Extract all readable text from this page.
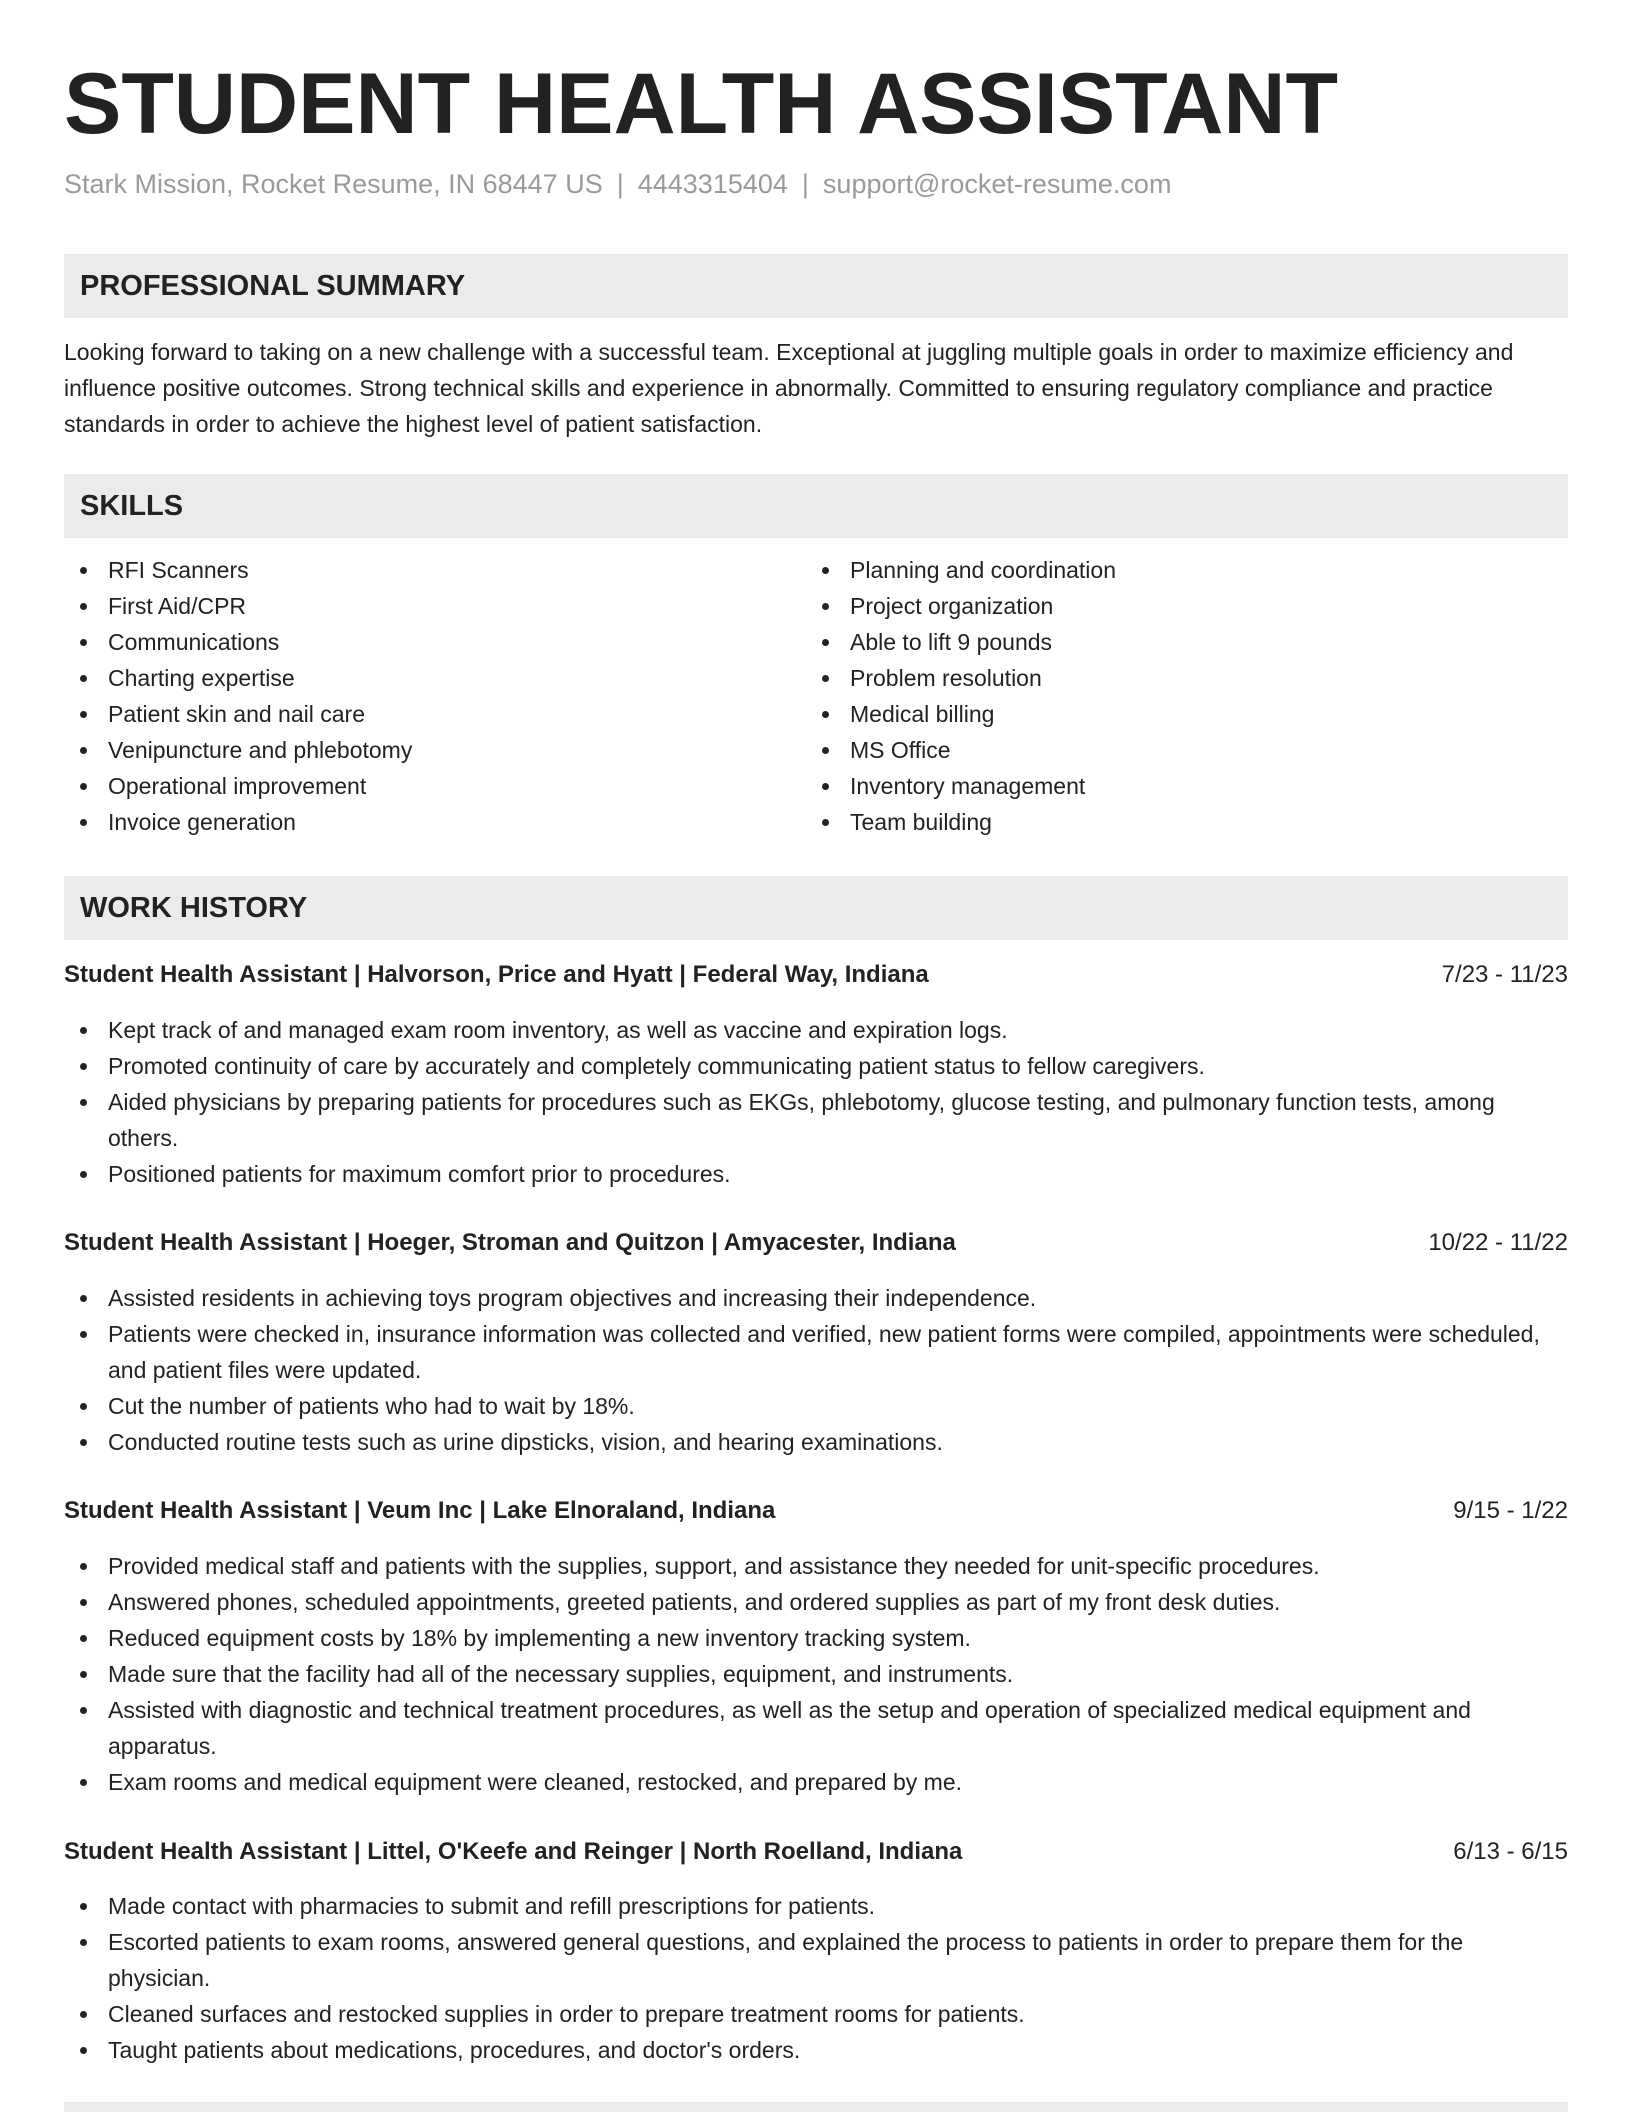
STUDENT HEALTH ASSISTANT
Stark Mission, Rocket Resume, IN 68447 US | 4443315404 | support@rocket-resume.com
PROFESSIONAL SUMMARY

Looking forward to taking on a new challenge with a successful team. Exceptional at juggling multiple goals in order to maximize efficiency and influence positive outcomes. Strong technical skills and experience in abnormally. Committed to ensuring regulatory compliance and practice standards in order to achieve the highest level of patient satisfaction.

SKILLS
RFI Scanners
First Aid/CPR
Communications
Charting expertise
Patient skin and nail care
Venipuncture and phlebotomy
Operational improvement
Invoice generation
Planning and coordination
Project organization
Able to lift 9 pounds
Problem resolution
Medical billing
MS Office
Inventory management
Team building
WORK HISTORY
Student Health Assistant | Halvorson, Price and Hyatt | Federal Way, Indiana	7/23 - 11/23
Kept track of and managed exam room inventory, as well as vaccine and expiration logs.
Promoted continuity of care by accurately and completely communicating patient status to fellow caregivers.
Aided physicians by preparing patients for procedures such as EKGs, phlebotomy, glucose testing, and pulmonary function tests, among others.
Positioned patients for maximum comfort prior to procedures.
Student Health Assistant | Hoeger, Stroman and Quitzon | Amyacester, Indiana	10/22 - 11/22
Assisted residents in achieving toys program objectives and increasing their independence.
Patients were checked in, insurance information was collected and verified, new patient forms were compiled, appointments were scheduled, and patient files were updated.
Cut the number of patients who had to wait by 18%.
Conducted routine tests such as urine dipsticks, vision, and hearing examinations.
Student Health Assistant | Veum Inc | Lake Elnoraland, Indiana	9/15 - 1/22
Provided medical staff and patients with the supplies, support, and assistance they needed for unit-specific procedures.
Answered phones, scheduled appointments, greeted patients, and ordered supplies as part of my front desk duties.
Reduced equipment costs by 18% by implementing a new inventory tracking system.
Made sure that the facility had all of the necessary supplies, equipment, and instruments.
Assisted with diagnostic and technical treatment procedures, as well as the setup and operation of specialized medical equipment and apparatus.
Exam rooms and medical equipment were cleaned, restocked, and prepared by me.
Student Health Assistant | Littel, O'Keefe and Reinger | North Roelland, Indiana	6/13 - 6/15
Made contact with pharmacies to submit and refill prescriptions for patients.
Escorted patients to exam rooms, answered general questions, and explained the process to patients in order to prepare them for the physician.
Cleaned surfaces and restocked supplies in order to prepare treatment rooms for patients.
Taught patients about medications, procedures, and doctor's orders.
